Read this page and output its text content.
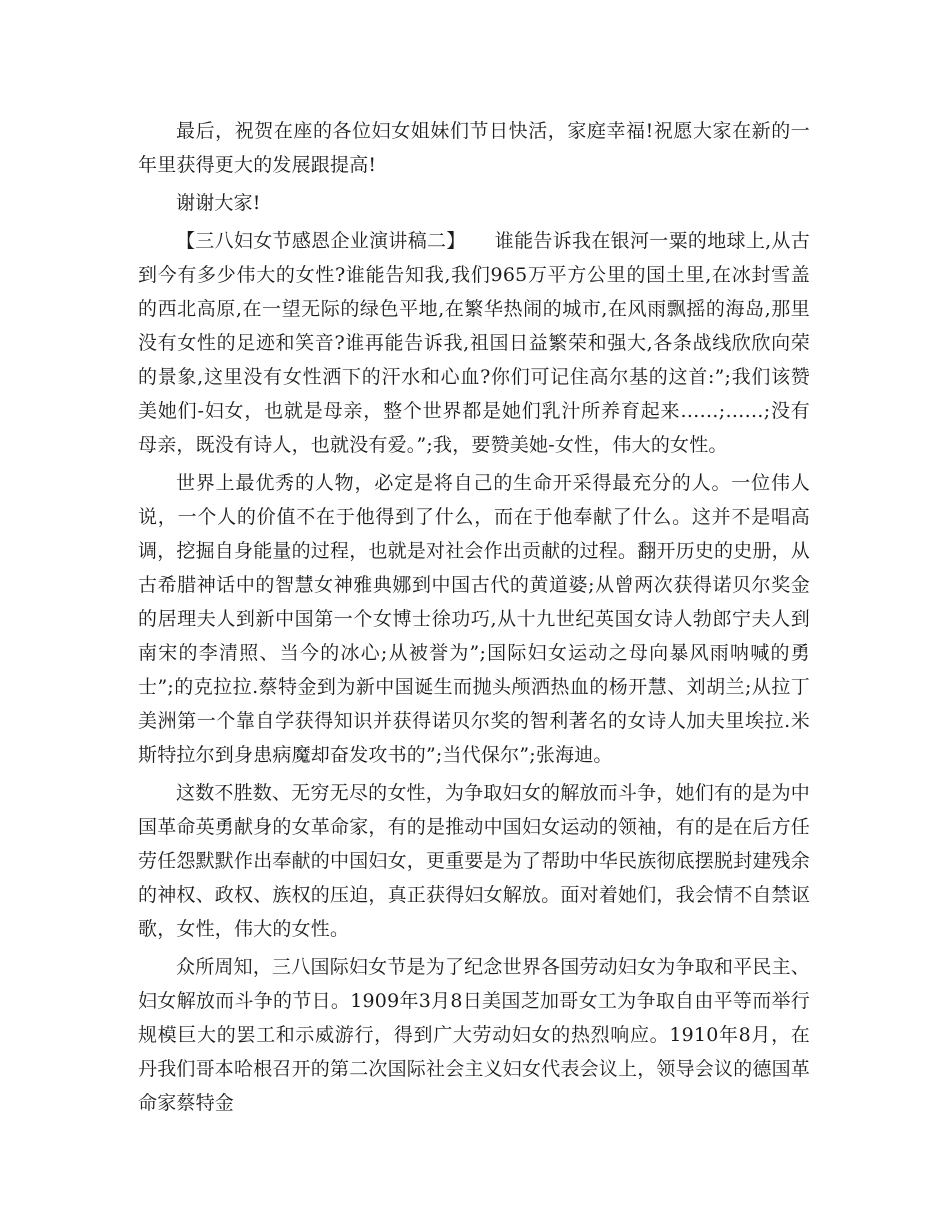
最后，祝贺在座的各位妇女姐妹们节日快活，家庭幸福!祝愿大家在新的一年里获得更大的发展跟提高!

谢谢大家!

【三八妇女节感恩企业演讲稿二】　　谁能告诉我在银河一粟的地球上,从古到今有多少伟大的女性?谁能告知我,我们965万平方公里的国土里,在冰封雪盖的西北高原,在一望无际的绿色平地,在繁华热闹的城市,在风雨飘摇的海岛,那里没有女性的足迹和笑音?谁再能告诉我,祖国日益繁荣和强大,各条战线欣欣向荣的景象,这里没有女性洒下的汗水和心血?你们可记住高尔基的这首:”;我们该赞美她们-妇女，也就是母亲，整个世界都是她们乳汁所养育起来……;……;没有母亲，既没有诗人，也就没有爱。”;我，要赞美她-女性，伟大的女性。

世界上最优秀的人物，必定是将自己的生命开采得最充分的人。一位伟人说，一个人的价值不在于他得到了什么，而在于他奉献了什么。这并不是唱高调，挖掘自身能量的过程，也就是对社会作出贡献的过程。翻开历史的史册，从古希腊神话中的智慧女神雅典娜到中国古代的黄道婆;从曾两次获得诺贝尔奖金的居理夫人到新中国第一个女博士徐功巧,从十九世纪英国女诗人勃郎宁夫人到南宋的李清照、当今的冰心;从被誉为”;国际妇女运动之母向暴风雨呐喊的勇士”;的克拉拉.蔡特金到为新中国诞生而抛头颅洒热血的杨开慧、刘胡兰;从拉丁美洲第一个靠自学获得知识并获得诺贝尔奖的智利著名的女诗人加夫里埃拉.米斯特拉尔到身患病魔却奋发攻书的”;当代保尔”;张海迪。

这数不胜数、无穷无尽的女性，为争取妇女的解放而斗争，她们有的是为中国革命英勇献身的女革命家，有的是推动中国妇女运动的领袖，有的是在后方任劳任怨默默作出奉献的中国妇女，更重要是为了帮助中华民族彻底摆脱封建残余的神权、政权、族权的压迫，真正获得妇女解放。面对着她们，我会情不自禁讴歌，女性，伟大的女性。

众所周知，三八国际妇女节是为了纪念世界各国劳动妇女为争取和平民主、妇女解放而斗争的节日。1909年3月8日美国芝加哥女工为争取自由平等而举行规模巨大的罢工和示威游行，得到广大劳动妇女的热烈响应。1910年8月，在丹我们哥本哈根召开的第二次国际社会主义妇女代表会议上，领导会议的德国革命家蔡特金
